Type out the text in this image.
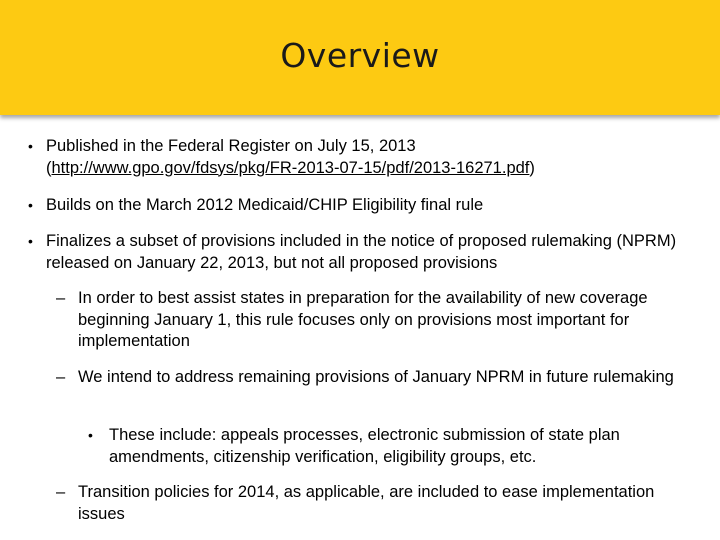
Overview
• Published in the Federal Register on July 15, 2013
(http://www.gpo.gov/fdsys/pkg/FR-2013-07-15/pdf/2013-16271.pdf)
• Builds on the March 2012 Medicaid/CHIP Eligibility final rule
• Finalizes a subset of provisions included in the notice of proposed rulemaking (NPRM) released on January 22, 2013, but not all proposed provisions
– In order to best assist states in preparation for the availability of new coverage beginning January 1, this rule focuses only on provisions most important for implementation
– We intend to address remaining provisions of January NPRM in future rulemaking
• These include: appeals processes, electronic submission of state plan amendments, citizenship verification, eligibility groups, etc.
– Transition policies for 2014, as applicable, are included to ease implementation issues
